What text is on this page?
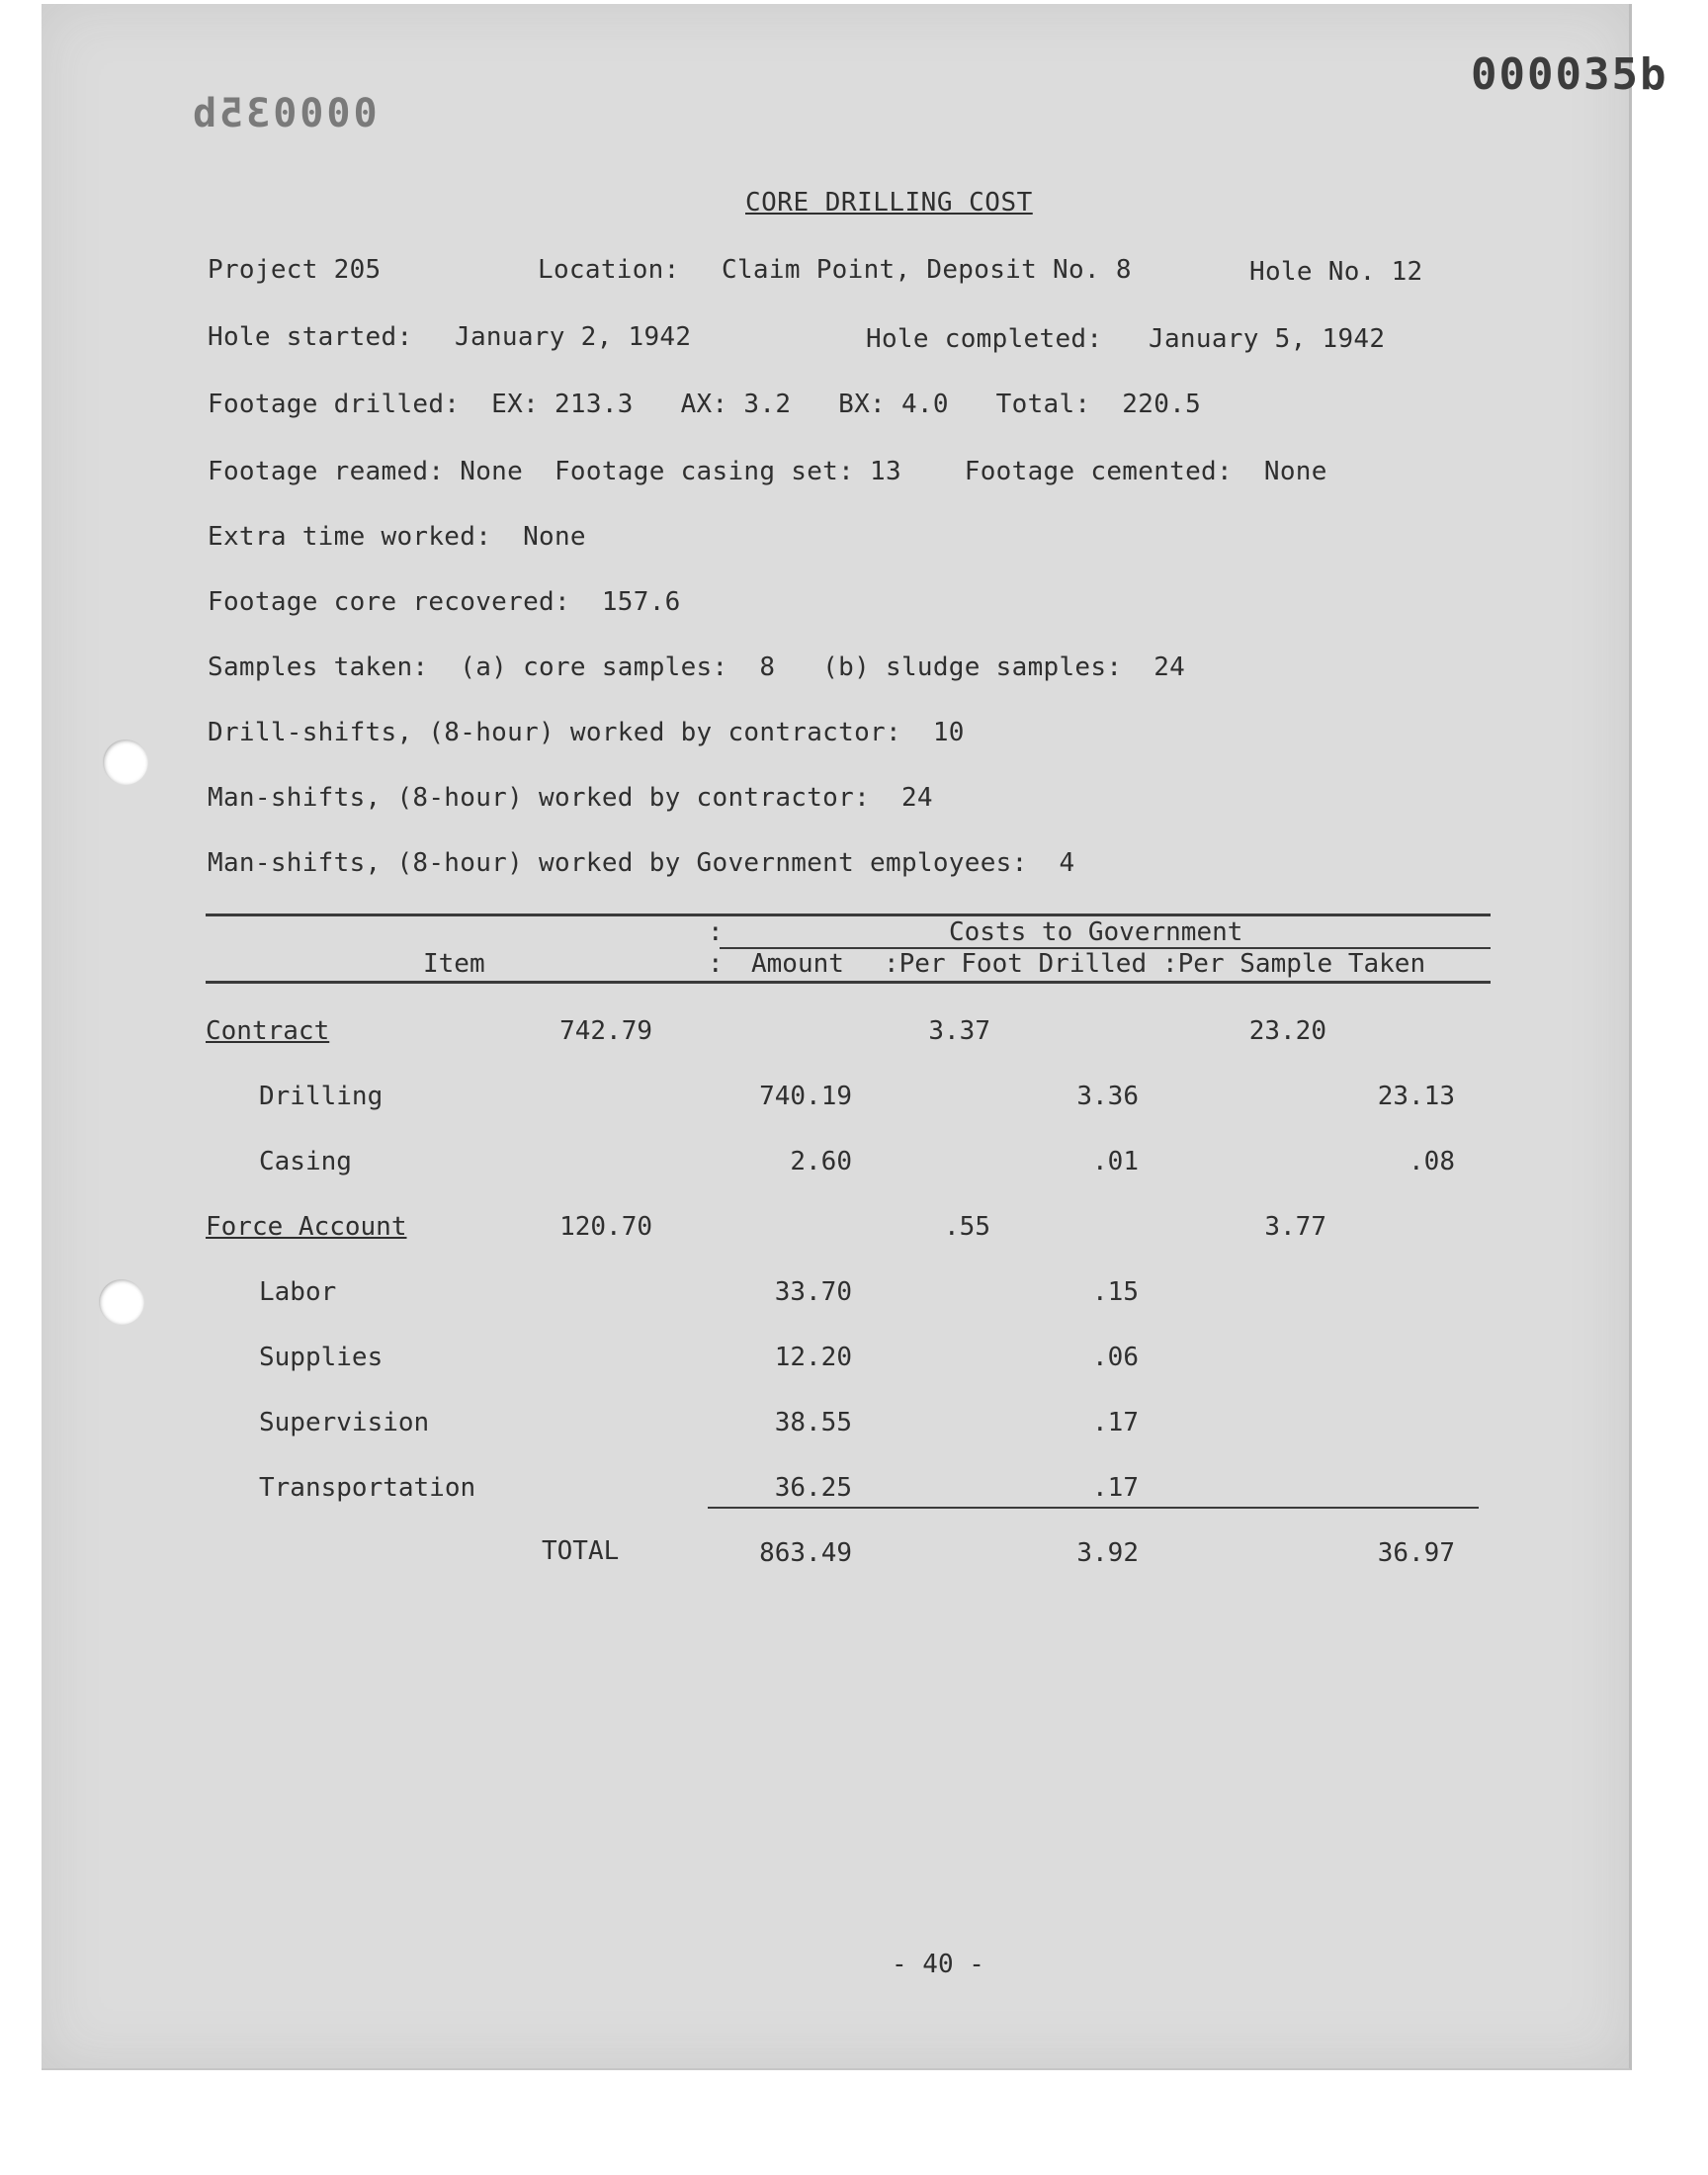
000035b
000035b
CORE DRILLING COST
Project 205	Location: Claim Point, Deposit No. 8	Hole No. 12
Hole started: January 2, 1942	Hole completed: January 5, 1942
Footage drilled:  EX: 213.3   AX: 3.2   BX: 4.0   Total:  220.5
Footage reamed: None  Footage casing set: 13    Footage cemented:  None
Extra time worked:  None
Footage core recovered:  157.6
Samples taken:  (a) core samples:  8   (b) sludge samples:  24
Drill-shifts, (8-hour) worked by contractor:  10
Man-shifts, (8-hour) worked by contractor:  24
Man-shifts, (8-hour) worked by Government employees:  4
:	Costs to Government
Item	: Amount :Per Foot Drilled :Per Sample Taken
Contract	742.79	3.37	23.20
Drilling	740.19	3.36	23.13
Casing	2.60	.01	.08
Force Account	120.70	.55	3.77
Labor	33.70	.15
Supplies	12.20	.06
Supervision	38.55	.17
Transportation	36.25	.17
TOTAL	863.49	3.92	36.97
- 40 -
